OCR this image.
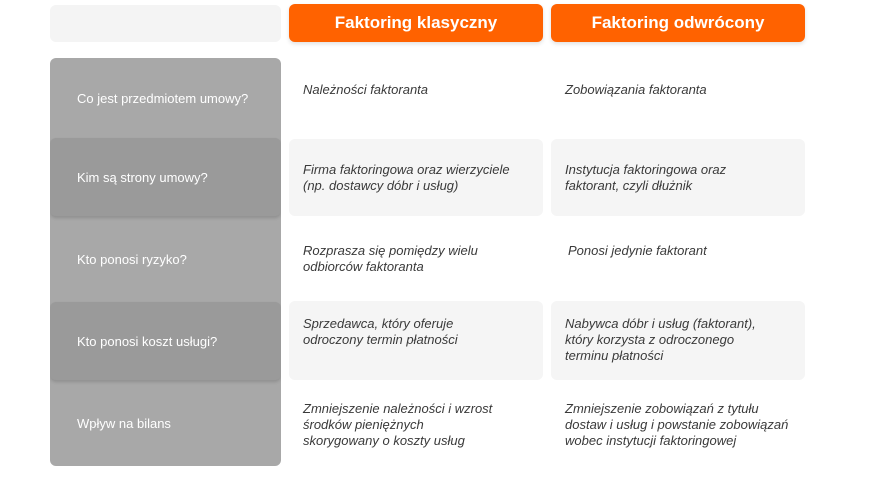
Faktoring klasyczny	Faktoring odwrócony
Co jest przedmiotem umowy?
Kim są strony umowy?
Kto ponosi ryzyko?
Kto ponosi koszt usługi?
Wpływ na bilans
Należności faktoranta	Zobowiązania faktoranta
Firma faktoringowa oraz wierzyciele
(np. dostawcy dóbr i usług)
Instytucja faktoringowa oraz
faktorant, czyli dłużnik
Rozprasza się pomiędzy wielu
odbiorców faktoranta
Ponosi jedynie faktorant
Sprzedawca, który oferuje
odroczony termin płatności
Nabywca dóbr i usług (faktorant),
który korzysta z odroczonego
terminu płatności
Zmniejszenie należności i wzrost
środków pieniężnych
skorygowany o koszty usług
Zmniejszenie zobowiązań z tytułu
dostaw i usług i powstanie zobowiązań
wobec instytucji faktoringowej
